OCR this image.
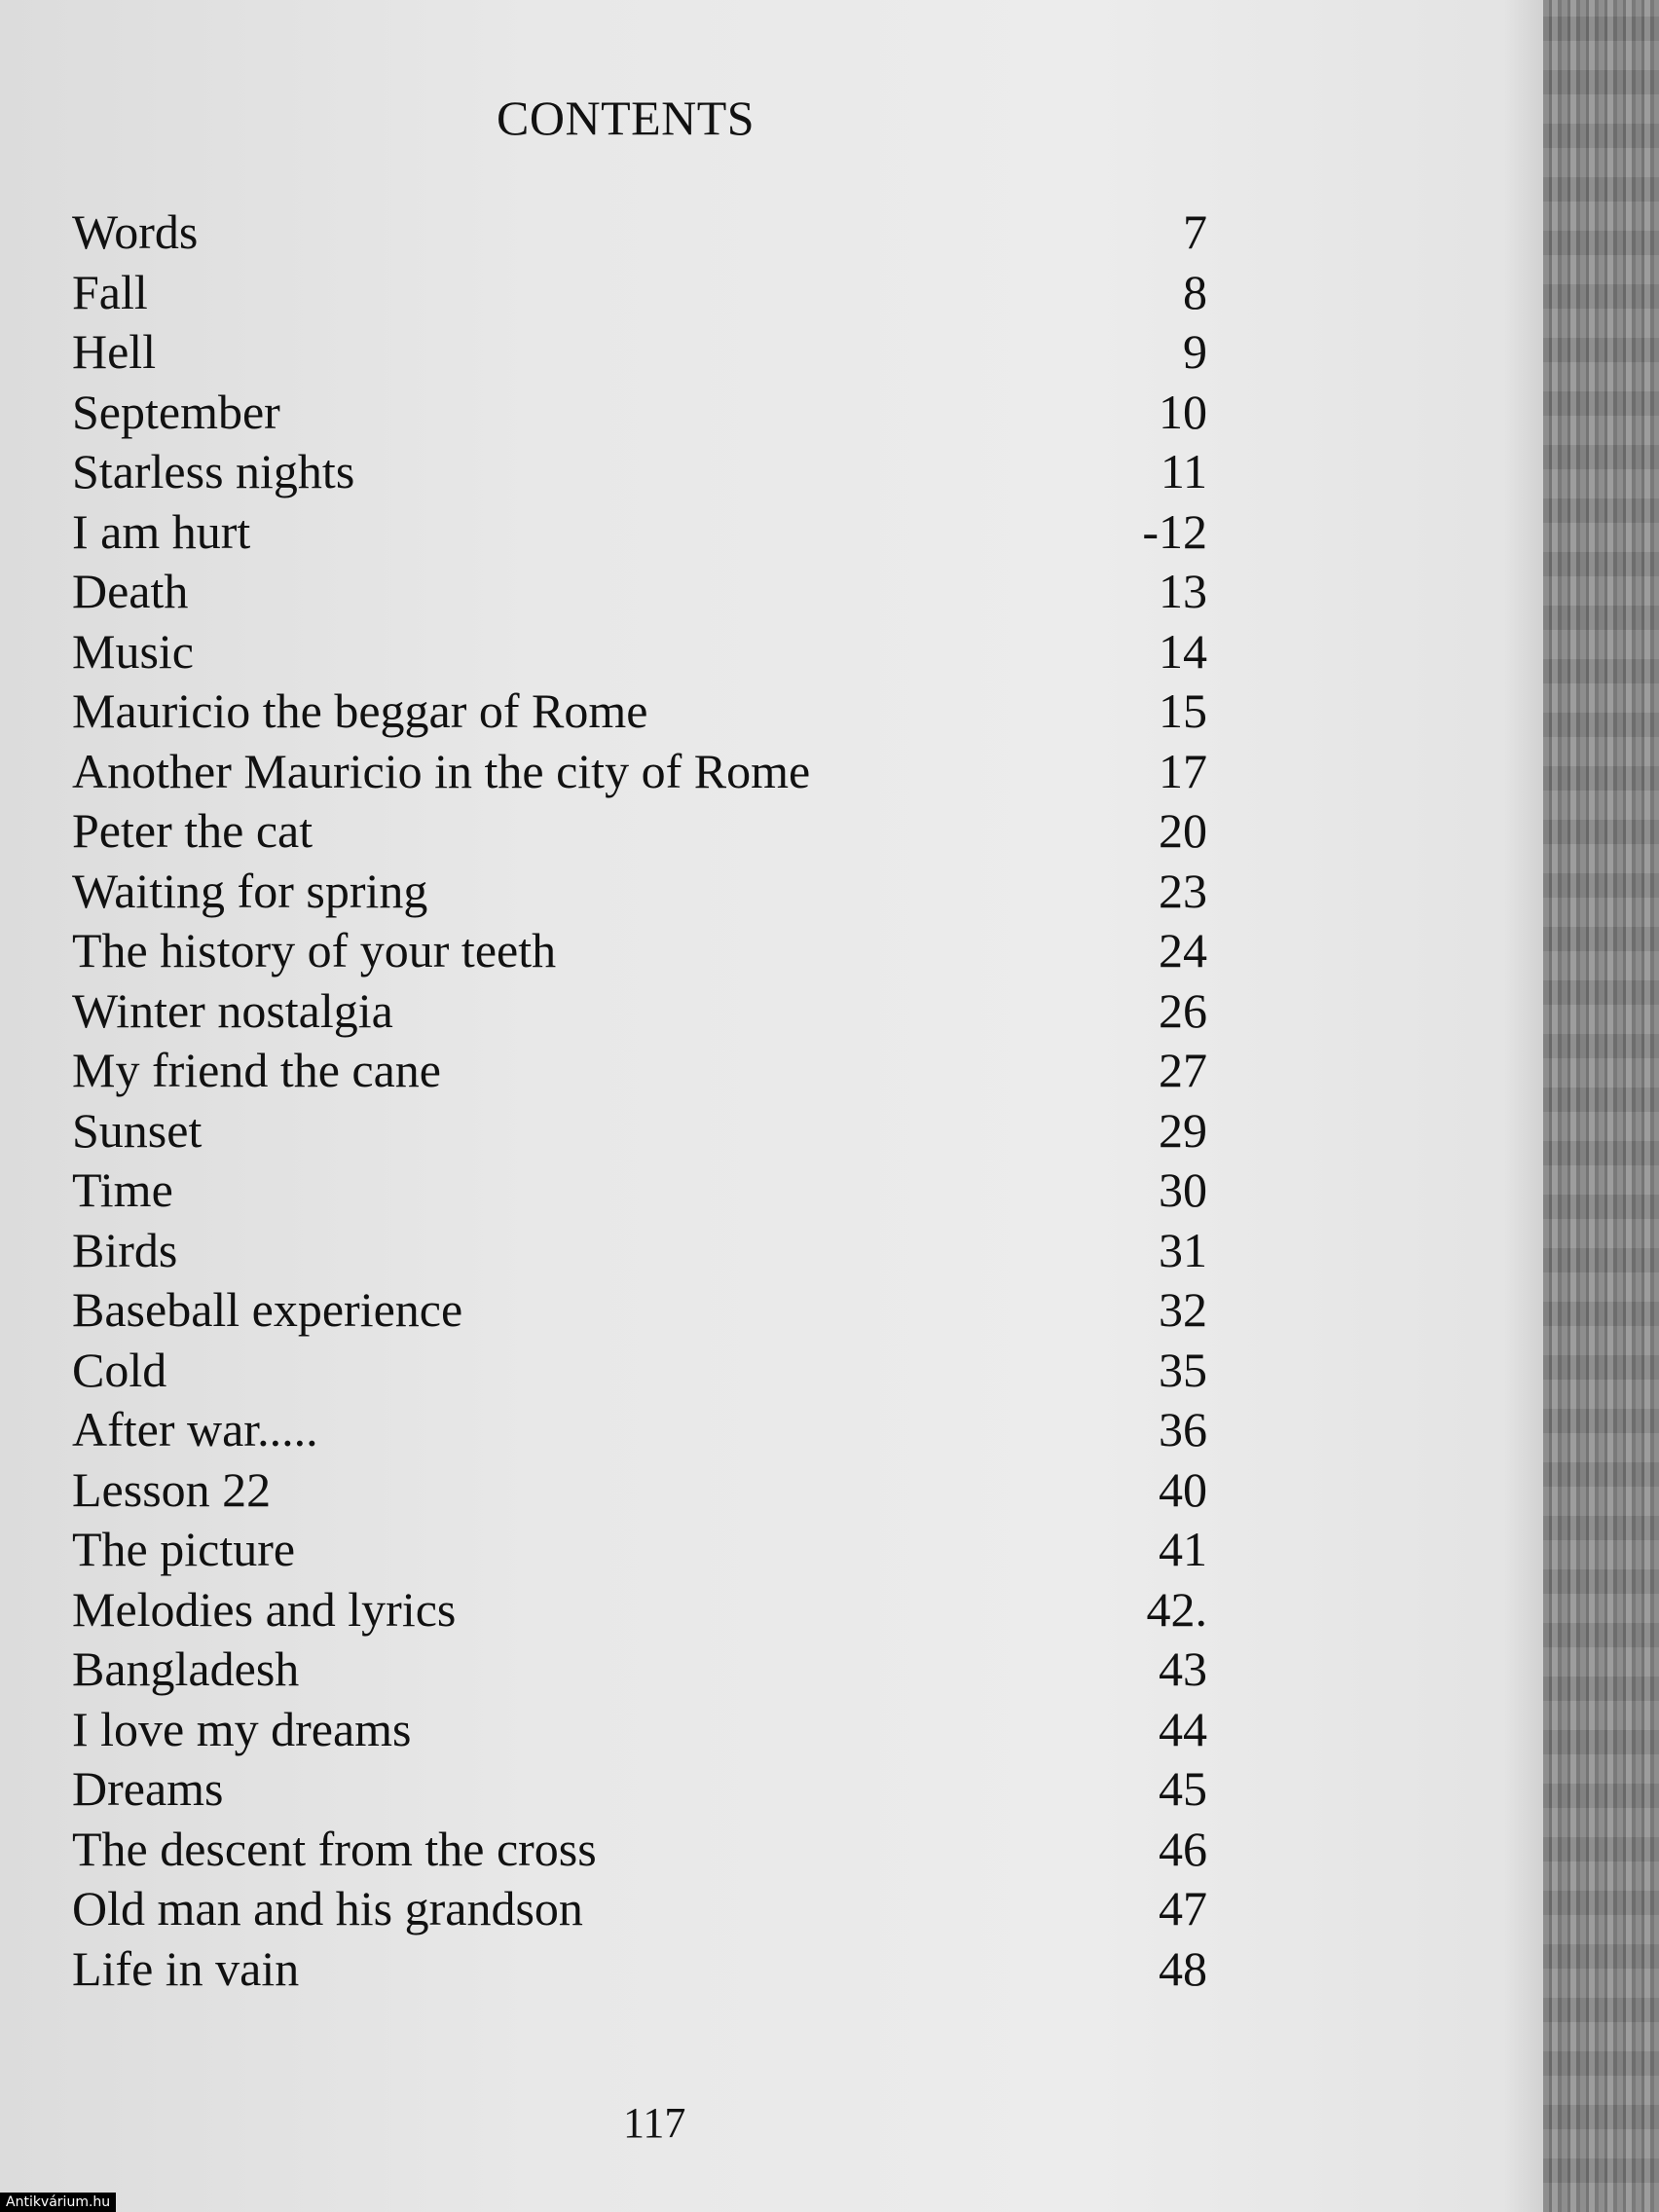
CONTENTS
Words	7
Fall	8
Hell	9
September	10
Starless nights	11
I am hurt	-12
Death	13
Music	14
Mauricio the beggar of Rome	15
Another Mauricio in the city of Rome	17
Peter the cat	20
Waiting for spring	23
The history of your teeth	24
Winter nostalgia	26
My friend the cane	27
Sunset	29
Time	30
Birds	31
Baseball experience	32
Cold	35
After war.....	36
Lesson 22	40
The picture	41
Melodies and lyrics	42.
Bangladesh	43
I love my dreams	44
Dreams	45
The descent from the cross	46
Old man and his grandson	47
Life in vain	48
117
Antikvárium.hu
